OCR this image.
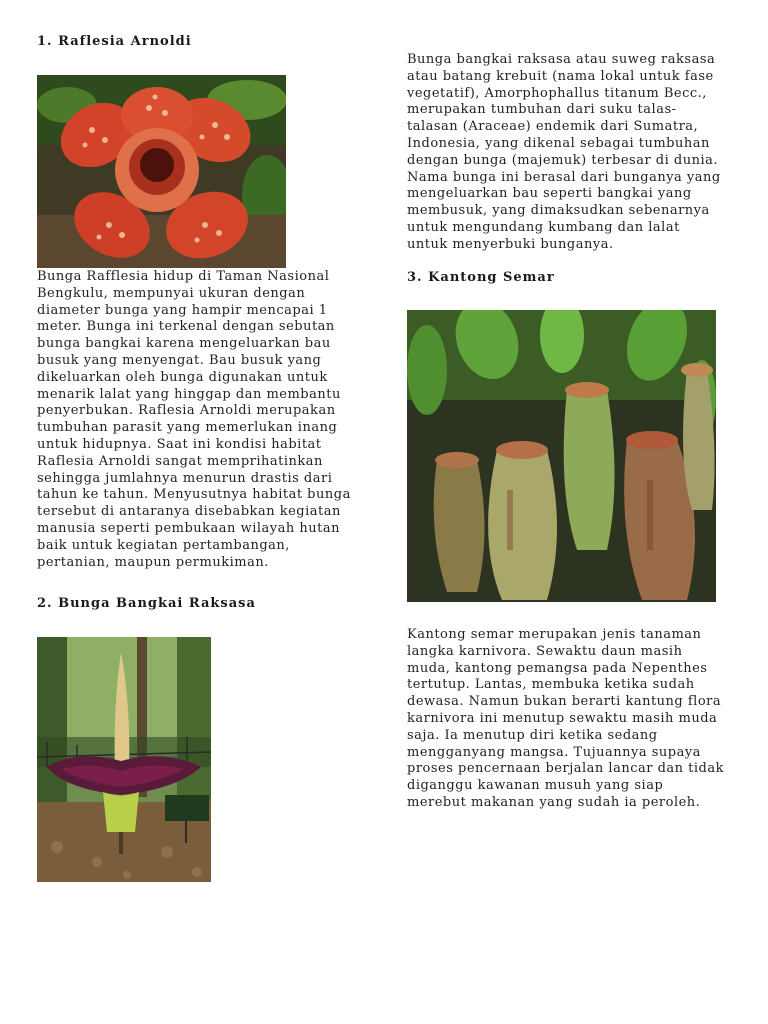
1. Raflesia Arnoldi
Bunga Rafflesia hidup di Taman Nasional
Bengkulu, mempunyai ukuran dengan
diameter bunga yang hampir mencapai 1
meter. Bunga ini terkenal dengan sebutan
bunga bangkai karena mengeluarkan bau
busuk yang menyengat. Bau busuk yang
dikeluarkan oleh bunga digunakan untuk
menarik lalat yang hinggap dan membantu
penyerbukan. Raflesia Arnoldi merupakan
tumbuhan parasit yang memerlukan inang
untuk hidupnya. Saat ini kondisi habitat
Raflesia Arnoldi sangat memprihatinkan
sehingga jumlahnya menurun drastis dari
tahun ke tahun. Menyusutnya habitat bunga
tersebut di antaranya disebabkan kegiatan
manusia seperti pembukaan wilayah hutan
baik untuk kegiatan pertambangan,
pertanian, maupun permukiman.
2. Bunga Bangkai Raksasa
Bunga bangkai raksasa atau suweg raksasa
atau batang krebuit (nama lokal untuk fase
vegetatif), Amorphophallus titanum Becc.,
merupakan tumbuhan dari suku talas-
talasan (Araceae) endemik dari Sumatra,
Indonesia, yang dikenal sebagai tumbuhan
dengan bunga (majemuk) terbesar di dunia.
Nama bunga ini berasal dari bunganya yang
mengeluarkan bau seperti bangkai yang
membusuk, yang dimaksudkan sebenarnya
untuk mengundang kumbang dan lalat
untuk menyerbuki bunganya.
3. Kantong Semar
Kantong semar merupakan jenis tanaman
langka karnivora. Sewaktu daun masih
muda, kantong pemangsa pada Nepenthes
tertutup. Lantas, membuka ketika sudah
dewasa. Namun bukan berarti kantung flora
karnivora ini menutup sewaktu masih muda
saja. Ia menutup diri ketika sedang
mengganyang mangsa. Tujuannya supaya
proses pencernaan berjalan lancar dan tidak
diganggu kawanan musuh yang siap
merebut makanan yang sudah ia peroleh.
